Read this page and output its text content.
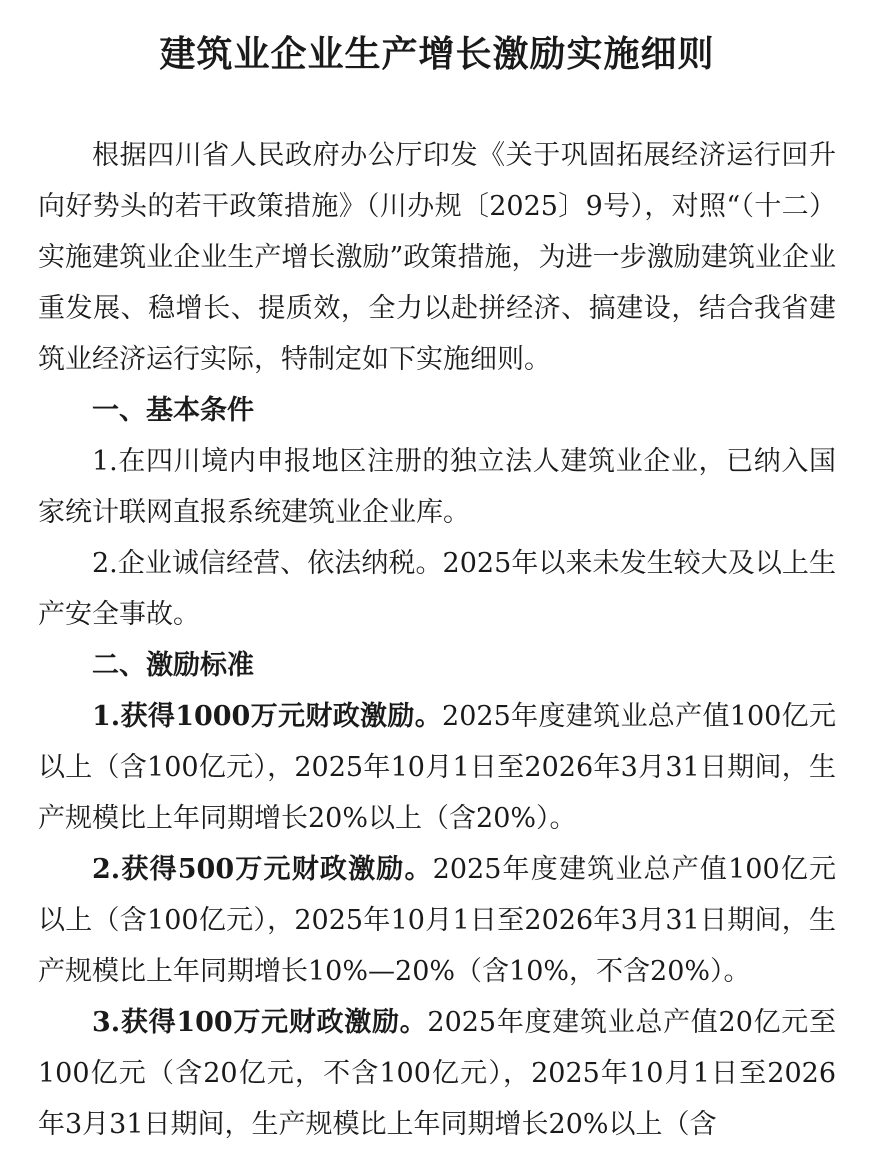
建筑业企业生产增长激励实施细则

根据四川省人民政府办公厅印发《关于巩固拓展经济运行回升向好势头的若干政策措施》（川办规〔2025〕9号），对照“（十二）实施建筑业企业生产增长激励”政策措施，为进一步激励建筑业企业重发展、稳增长、提质效，全力以赴拼经济、搞建设，结合我省建筑业经济运行实际，特制定如下实施细则。

一、基本条件

1.在四川境内申报地区注册的独立法人建筑业企业，已纳入国家统计联网直报系统建筑业企业库。

2.企业诚信经营、依法纳税。2025年以来未发生较大及以上生产安全事故。

二、激励标准

1.获得1000万元财政激励。2025年度建筑业总产值100亿元以上（含100亿元），2025年10月1日至2026年3月31日期间，生产规模比上年同期增长20%以上（含20%）。

2.获得500万元财政激励。2025年度建筑业总产值100亿元以上（含100亿元），2025年10月1日至2026年3月31日期间，生产规模比上年同期增长10%—20%（含10%，不含20%）。

3.获得100万元财政激励。2025年度建筑业总产值20亿元至100亿元（含20亿元，不含100亿元），2025年10月1日至2026年3月31日期间，生产规模比上年同期增长20%以上（含
